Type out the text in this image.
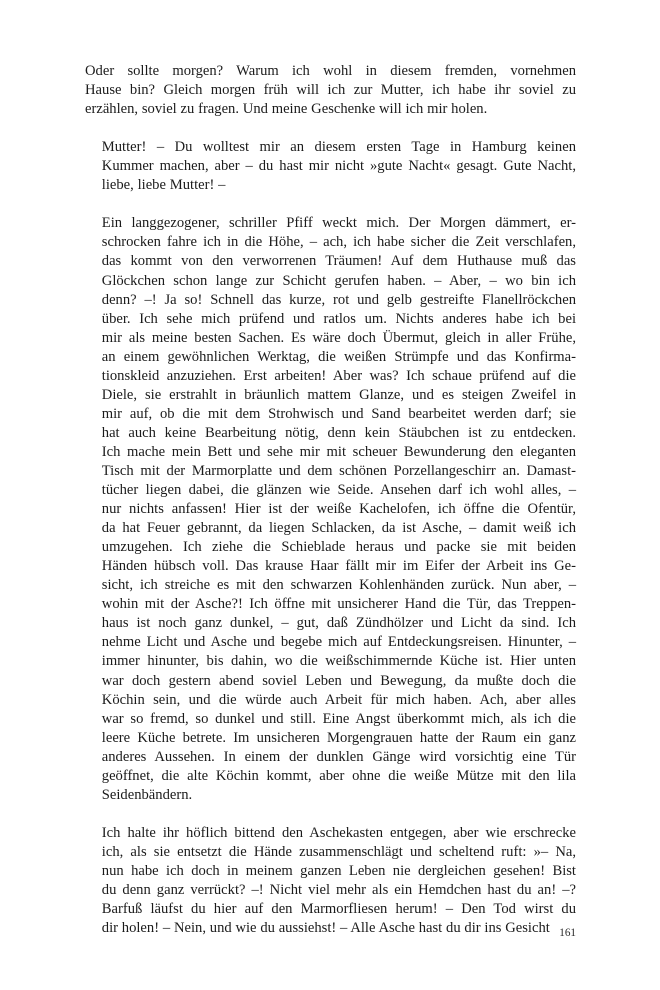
Oder sollte morgen? Warum ich wohl in diesem fremden, vornehmen
Hause bin? Gleich morgen früh will ich zur Mutter, ich habe ihr soviel zu
erzählen, soviel zu fragen. Und meine Geschenke will ich mir holen.

Mutter! – Du wolltest mir an diesem ersten Tage in Hamburg keinen
Kummer machen, aber – du hast mir nicht »gute Nacht« gesagt. Gute Nacht,
liebe, liebe Mutter! –

Ein langgezogener, schriller Pfiff weckt mich. Der Morgen dämmert, er-
schrocken fahre ich in die Höhe, – ach, ich habe sicher die Zeit verschlafen,
das kommt von den verworrenen Träumen! Auf dem Huthause muß das
Glöckchen schon lange zur Schicht gerufen haben. – Aber, – wo bin ich
denn? –! Ja so! Schnell das kurze, rot und gelb gestreifte Flanellröckchen
über. Ich sehe mich prüfend und ratlos um. Nichts anderes habe ich bei
mir als meine besten Sachen. Es wäre doch Übermut, gleich in aller Frühe,
an einem gewöhnlichen Werktag, die weißen Strümpfe und das Konfirma-
tionskleid anzuziehen. Erst arbeiten! Aber was? Ich schaue prüfend auf die
Diele, sie erstrahlt in bräunlich mattem Glanze, und es steigen Zweifel in
mir auf, ob die mit dem Strohwisch und Sand bearbeitet werden darf; sie
hat auch keine Bearbeitung nötig, denn kein Stäubchen ist zu entdecken.
Ich mache mein Bett und sehe mir mit scheuer Bewunderung den eleganten
Tisch mit der Marmorplatte und dem schönen Porzellangeschirr an. Damast-
tücher liegen dabei, die glänzen wie Seide. Ansehen darf ich wohl alles, –
nur nichts anfassen! Hier ist der weiße Kachelofen, ich öffne die Ofentür,
da hat Feuer gebrannt, da liegen Schlacken, da ist Asche, – damit weiß ich
umzugehen. Ich ziehe die Schieblade heraus und packe sie mit beiden
Händen hübsch voll. Das krause Haar fällt mir im Eifer der Arbeit ins Ge-
sicht, ich streiche es mit den schwarzen Kohlenhänden zurück. Nun aber, –
wohin mit der Asche?! Ich öffne mit unsicherer Hand die Tür, das Treppen-
haus ist noch ganz dunkel, – gut, daß Zündhölzer und Licht da sind. Ich
nehme Licht und Asche und begebe mich auf Entdeckungsreisen. Hinunter, –
immer hinunter, bis dahin, wo die weißschimmernde Küche ist. Hier unten
war doch gestern abend soviel Leben und Bewegung, da mußte doch die
Köchin sein, und die würde auch Arbeit für mich haben. Ach, aber alles
war so fremd, so dunkel und still. Eine Angst überkommt mich, als ich die
leere Küche betrete. Im unsicheren Morgengrauen hatte der Raum ein ganz
anderes Aussehen. In einem der dunklen Gänge wird vorsichtig eine Tür
geöffnet, die alte Köchin kommt, aber ohne die weiße Mütze mit den lila
Seidenbändern.

Ich halte ihr höflich bittend den Aschekasten entgegen, aber wie erschrecke
ich, als sie entsetzt die Hände zusammenschlägt und scheltend ruft: »– Na,
nun habe ich doch in meinem ganzen Leben nie dergleichen gesehen! Bist
du denn ganz verrückt? –! Nicht viel mehr als ein Hemdchen hast du an! –?
Barfuß läufst du hier auf den Marmorfliesen herum! – Den Tod wirst du
dir holen! – Nein, und wie du aussiehst! – Alle Asche hast du dir ins Gesicht 161
